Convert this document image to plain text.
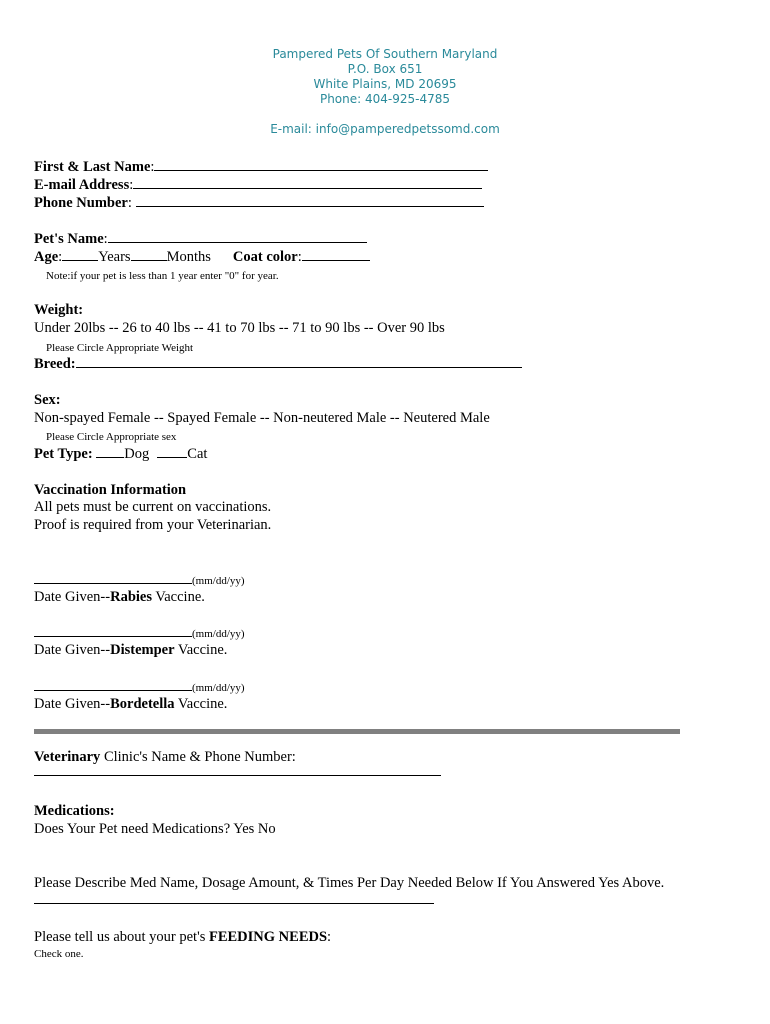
Pampered Pets Of Southern Maryland
P.O. Box 651
White Plains, MD 20695
Phone: 404-925-4785
E-mail: info@pamperedpetssomd.com
First & Last Name:
E-mail Address:
Phone Number:
Pet's Name:
Age: Years Months Coat color:
Note:if your pet is less than 1 year enter "0" for year.
Weight:
Under 20lbs -- 26 to 40 lbs -- 41 to 70 lbs -- 71 to 90 lbs -- Over 90 lbs
Please Circle Appropriate Weight
Breed:
Sex:
Non-spayed Female -- Spayed Female -- Non-neutered Male -- Neutered Male
Please Circle Appropriate sex
Pet Type: Dog	Cat
Vaccination Information
All pets must be current on vaccinations.
Proof is required from your Veterinarian.
(mm/dd/yy)
Date Given--Rabies Vaccine.
(mm/dd/yy)
Date Given--Distemper Vaccine.
(mm/dd/yy)
Date Given--Bordetella Vaccine.
Veterinary Clinic's Name & Phone Number:
Medications:
Does Your Pet need Medications? Yes No
Please Describe Med Name, Dosage Amount, & Times Per Day Needed Below If You Answered Yes Above.
Please tell us about your pet's FEEDING NEEDS:
Check one.
